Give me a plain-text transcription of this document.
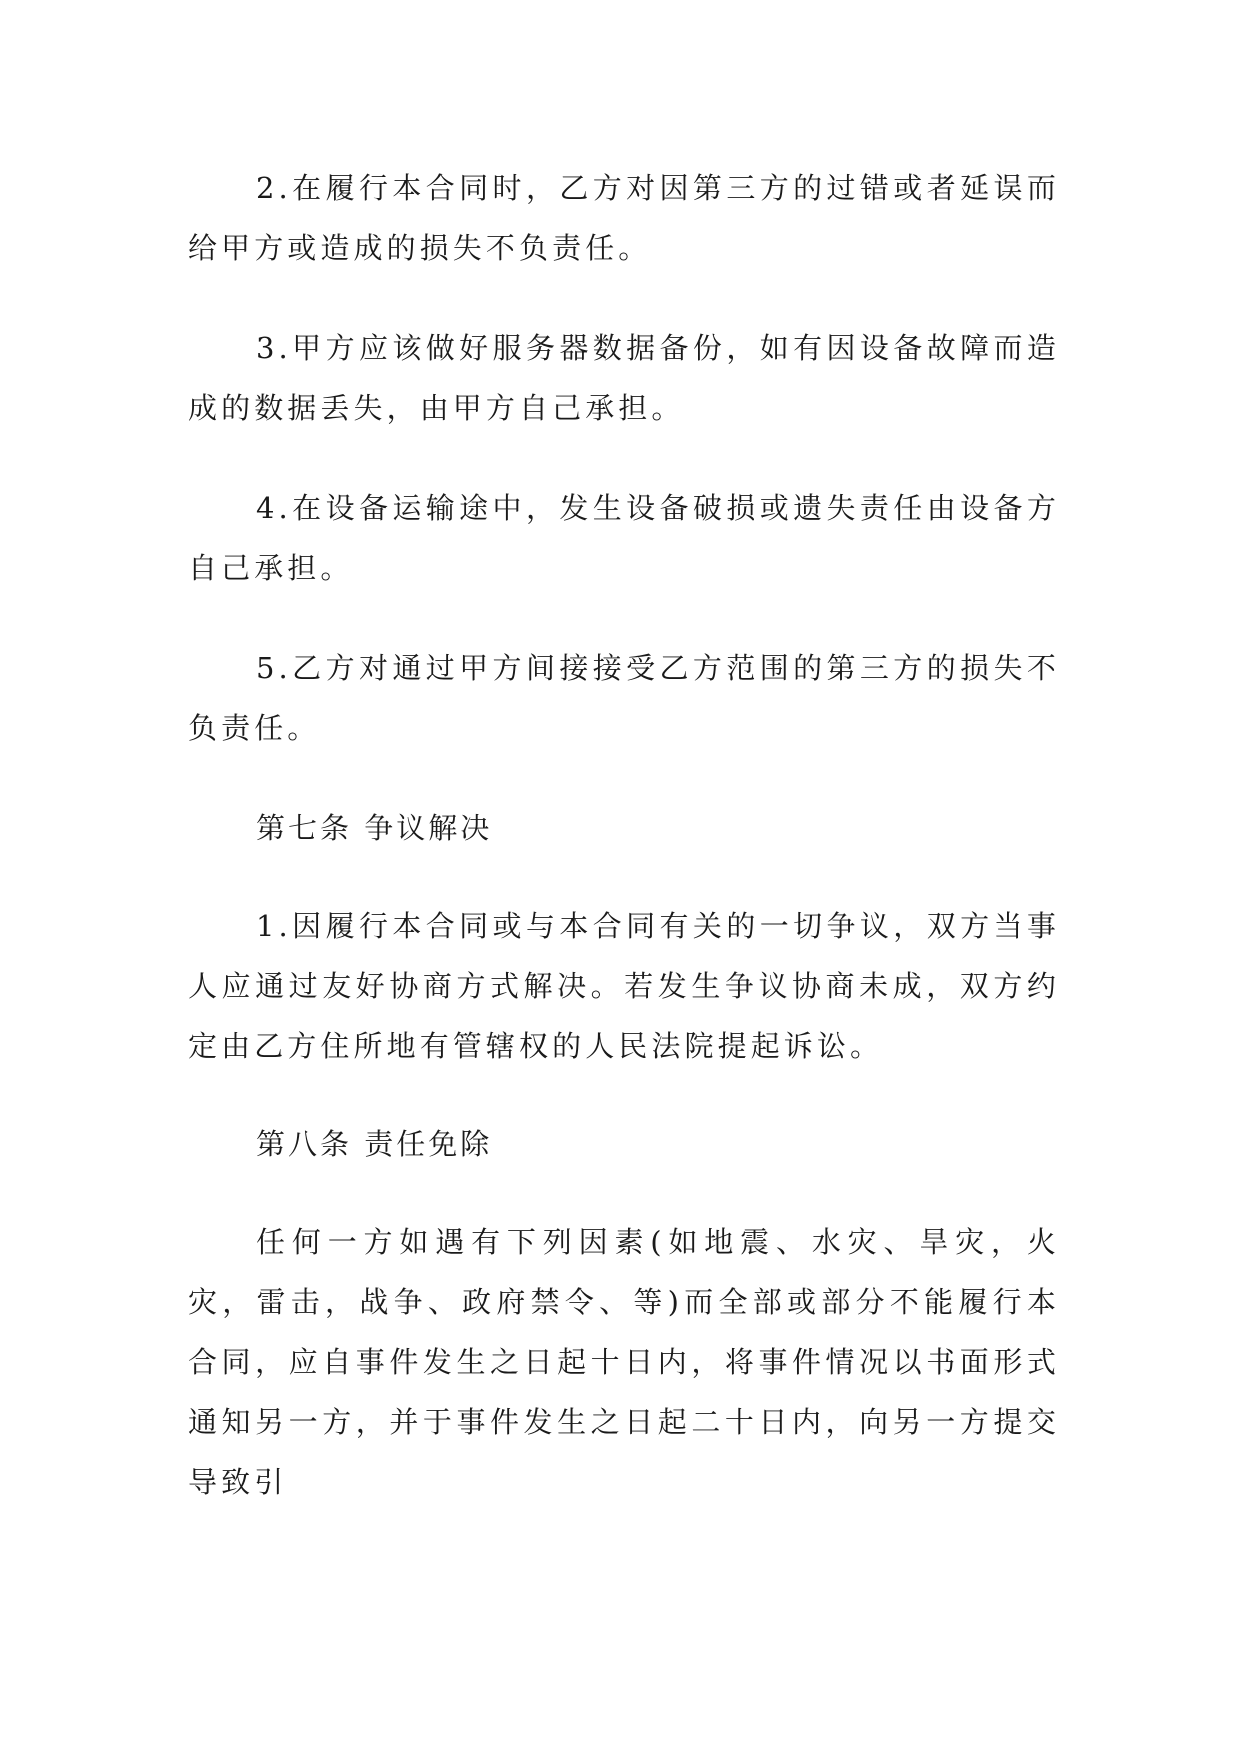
2.在履行本合同时，乙方对因第三方的过错或者延误而给甲方或造成的损失不负责任。

3.甲方应该做好服务器数据备份，如有因设备故障而造成的数据丢失，由甲方自己承担。

4.在设备运输途中，发生设备破损或遗失责任由设备方自己承担。

5.乙方对通过甲方间接接受乙方范围的第三方的损失不负责任。

第七条 争议解决

1.因履行本合同或与本合同有关的一切争议，双方当事人应通过友好协商方式解决。若发生争议协商未成，双方约定由乙方住所地有管辖权的人民法院提起诉讼。

第八条 责任免除

任何一方如遇有下列因素(如地震、水灾、旱灾，火灾，雷击，战争、政府禁令、等)而全部或部分不能履行本合同，应自事件发生之日起十日内，将事件情况以书面形式通知另一方，并于事件发生之日起二十日内，向另一方提交导致引
